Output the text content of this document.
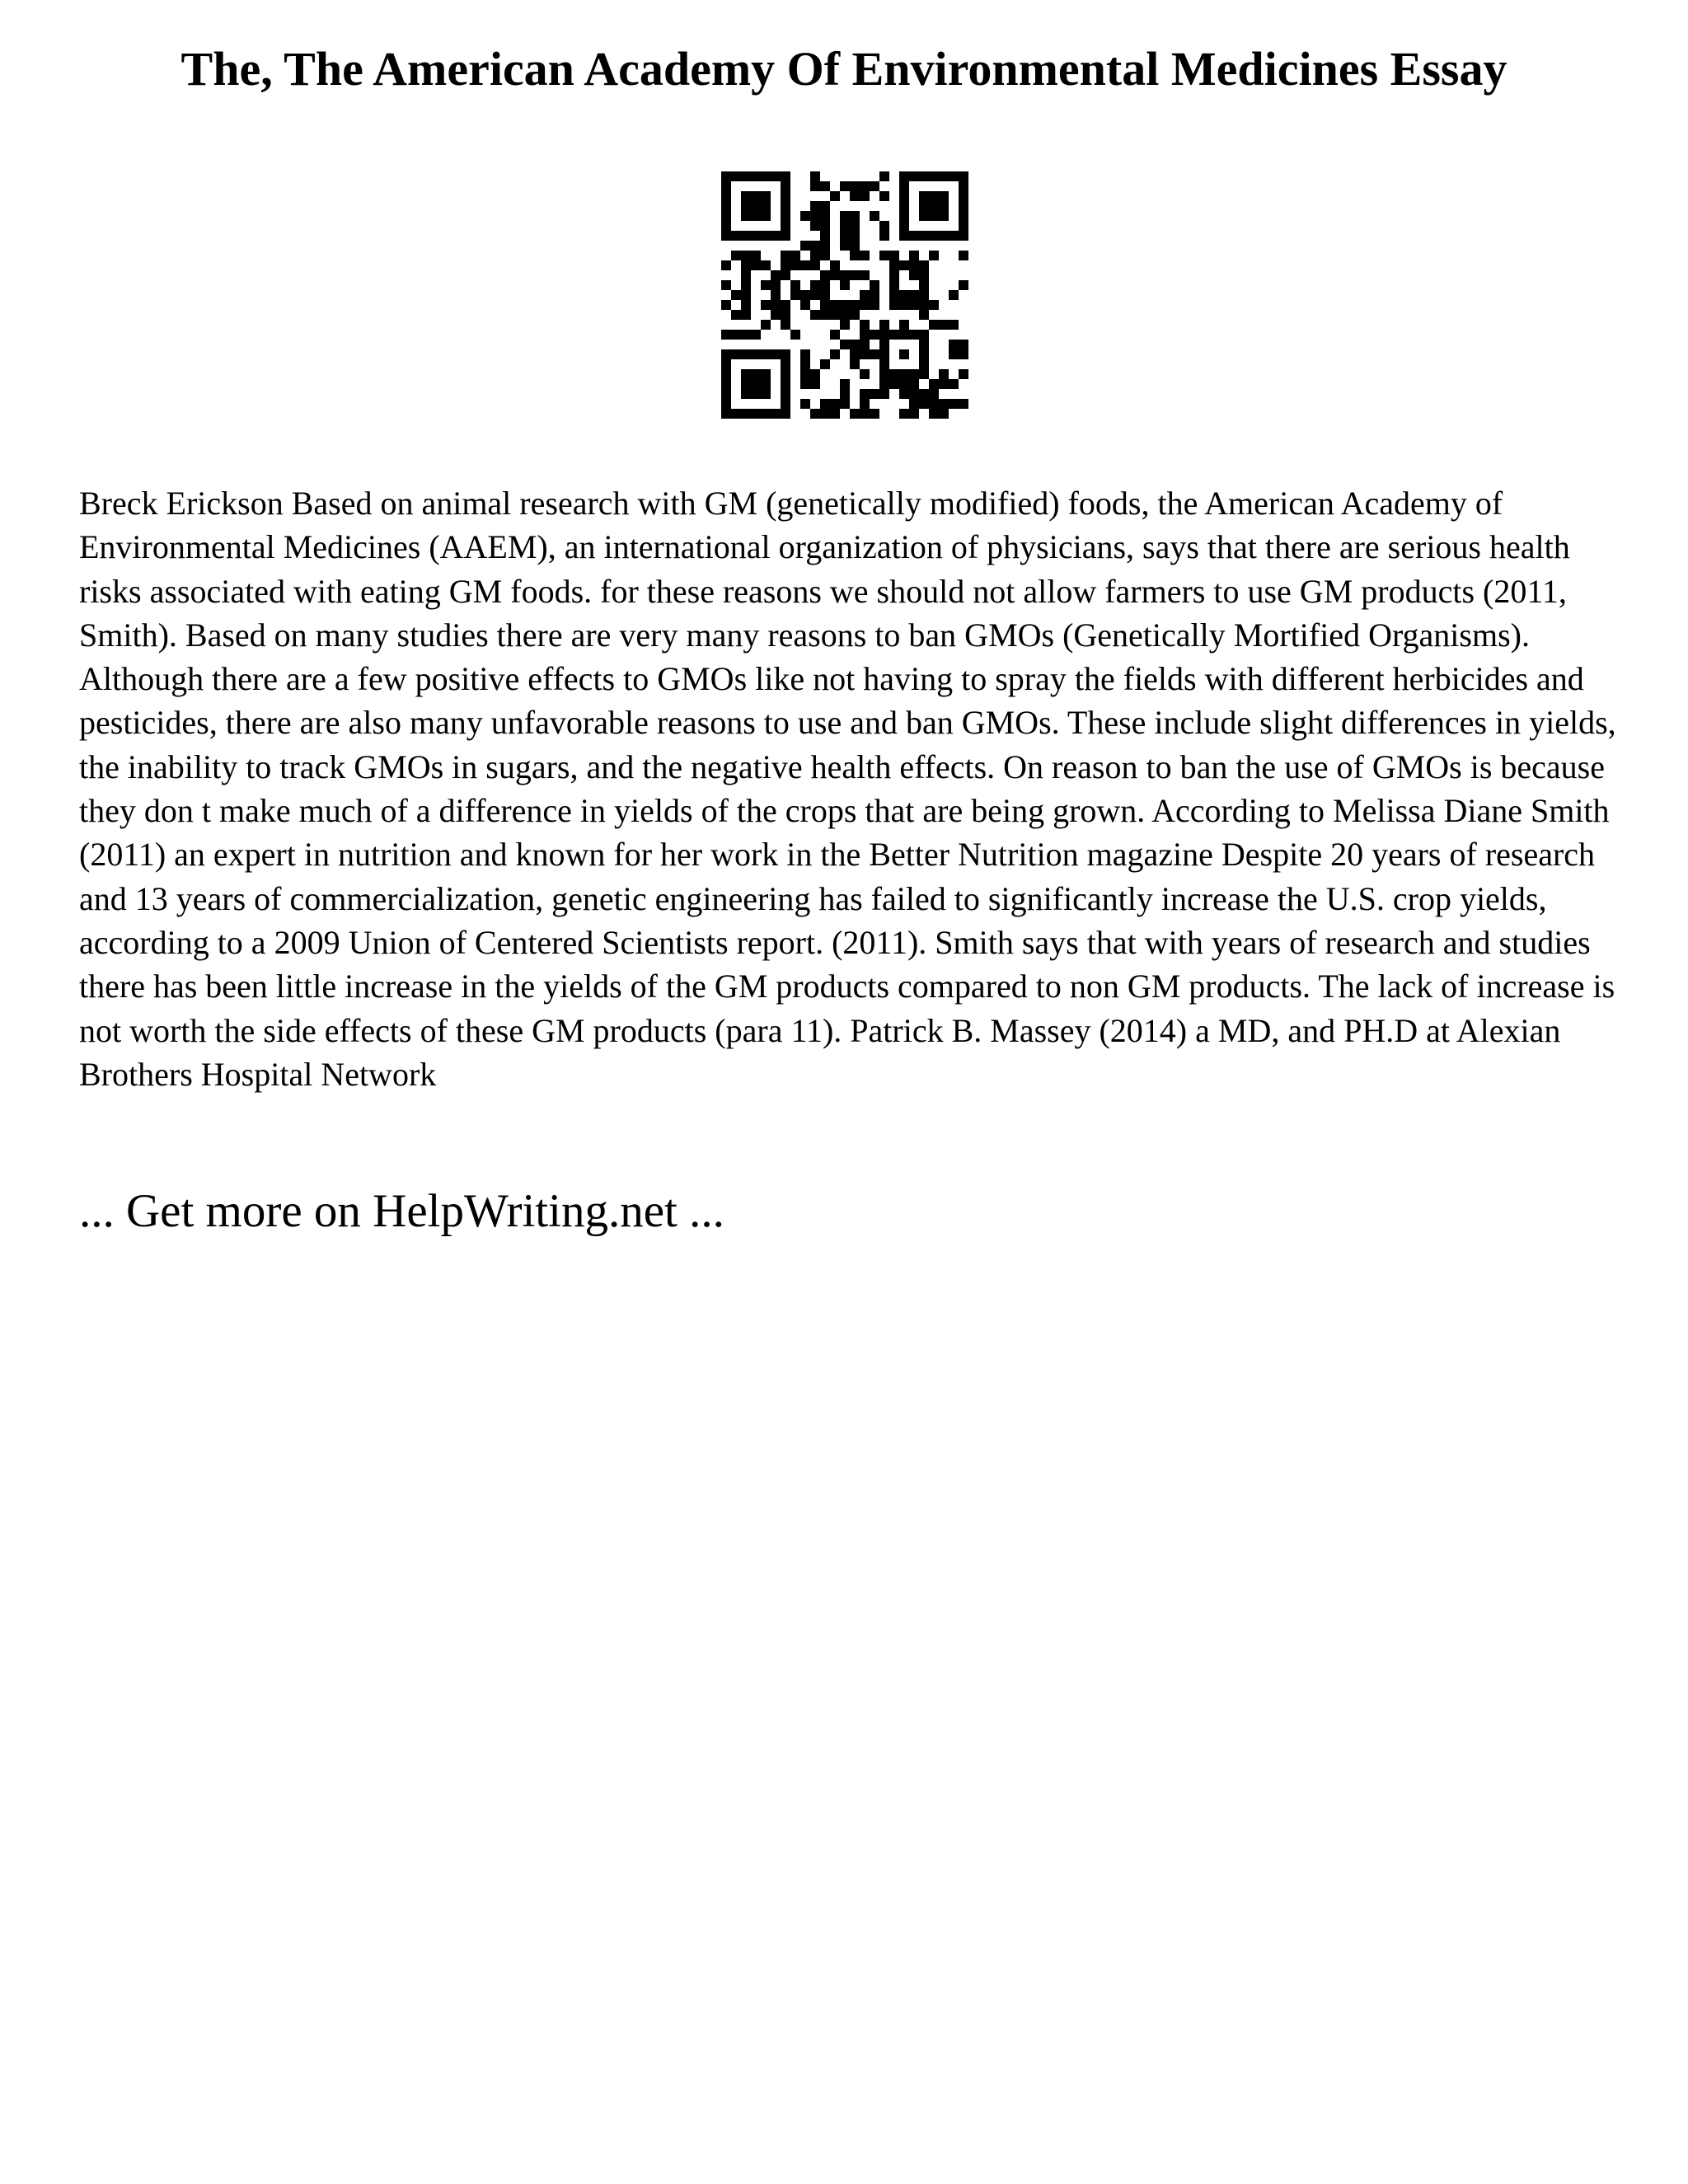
The, The American Academy Of Environmental Medicines Essay

Breck Erickson Based on animal research with GM (genetically modified) foods, the American Academy of Environmental Medicines (AAEM), an international organization of physicians, says that there are serious health risks associated with eating GM foods. for these reasons we should not allow farmers to use GM products (2011, Smith). Based on many studies there are very many reasons to ban GMOs (Genetically Mortified Organisms). Although there are a few positive effects to GMOs like not having to spray the fields with different herbicides and pesticides, there are also many unfavorable reasons to use and ban GMOs. These include slight differences in yields, the inability to track GMOs in sugars, and the negative health effects. On reason to ban the use of GMOs is because they don t make much of a difference in yields of the crops that are being grown. According to Melissa Diane Smith (2011) an expert in nutrition and known for her work in the Better Nutrition magazine Despite 20 years of research and 13 years of commercialization, genetic engineering has failed to significantly increase the U.S. crop yields, according to a 2009 Union of Centered Scientists report. (2011). Smith says that with years of research and studies there has been little increase in the yields of the GM products compared to non GM products. The lack of increase is not worth the side effects of these GM products (para 11). Patrick B. Massey (2014) a MD, and PH.D at Alexian Brothers Hospital Network

... Get more on HelpWriting.net ...
